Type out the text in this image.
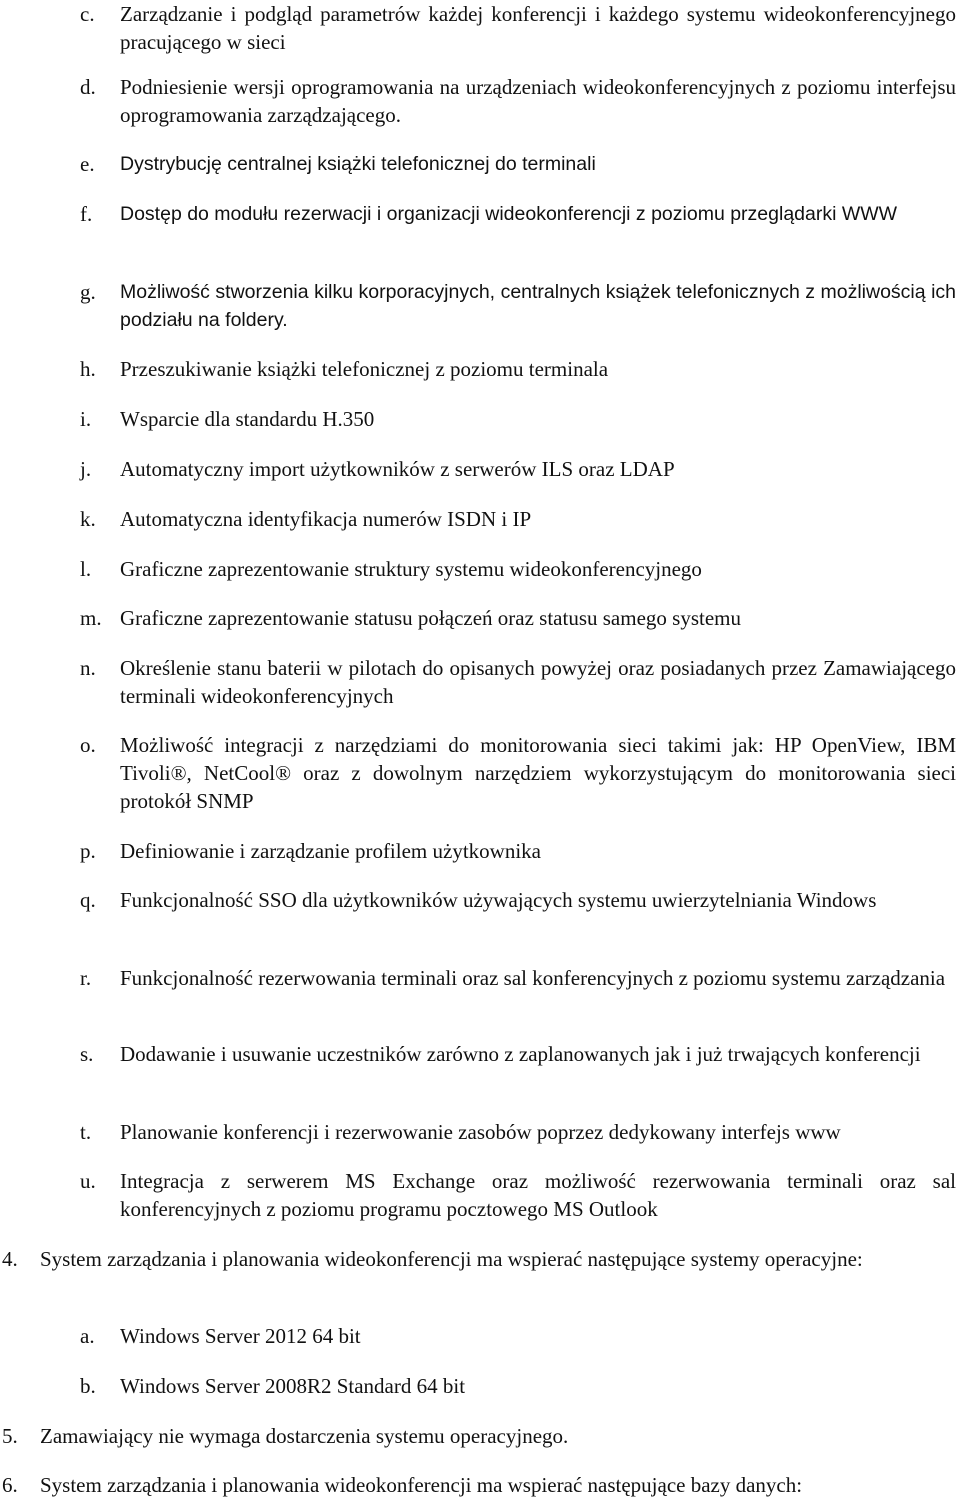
c.	Zarządzanie i podgląd parametrów każdej konferencji i każdego systemu wideokonferencyjnego pracującego w sieci
d.	Podniesienie wersji oprogramowania na urządzeniach wideokonferencyjnych z poziomu interfejsu oprogramowania zarządzającego.
e.	Dystrybucję centralnej książki telefonicznej do terminali
f.	Dostęp do modułu rezerwacji i organizacji wideokonferencji z poziomu przeglądarki WWW
g.	Możliwość stworzenia kilku korporacyjnych, centralnych książek telefonicznych z możliwością ich podziału na foldery.
h.	Przeszukiwanie książki telefonicznej z poziomu terminala
i.	Wsparcie dla standardu H.350
j.	Automatyczny import użytkowników z serwerów ILS oraz LDAP
k.	Automatyczna identyfikacja numerów ISDN i IP
l.	Graficzne zaprezentowanie struktury systemu wideokonferencyjnego
m. Graficzne zaprezentowanie statusu połączeń oraz statusu samego systemu
n.	Określenie stanu baterii w pilotach do opisanych powyżej oraz posiadanych przez Zamawiającego terminali wideokonferencyjnych
o.	Możliwość integracji z narzędziami do monitorowania sieci takimi jak: HP OpenView, IBM Tivoli®, NetCool® oraz z dowolnym narzędziem wykorzystującym do monitorowania sieci protokół SNMP
p.	Definiowanie i zarządzanie profilem użytkownika
q.	Funkcjonalność SSO dla użytkowników używających systemu uwierzytelniania Windows
r.	Funkcjonalność rezerwowania terminali oraz sal konferencyjnych z poziomu systemu zarządzania
s.	Dodawanie i usuwanie uczestników zarówno z zaplanowanych jak i już trwających konferencji
t.	Planowanie konferencji i rezerwowanie zasobów poprzez dedykowany interfejs www
u.	Integracja z serwerem MS Exchange oraz możliwość rezerwowania terminali oraz sal konferencyjnych z poziomu programu pocztowego MS Outlook
4.	System zarządzania i planowania wideokonferencji ma wspierać następujące systemy operacyjne:
a.	Windows Server 2012 64 bit
b.	Windows Server 2008R2 Standard 64 bit
5.	Zamawiający nie wymaga dostarczenia systemu operacyjnego.
6.	System zarządzania i planowania wideokonferencji ma wspierać następujące bazy danych:
